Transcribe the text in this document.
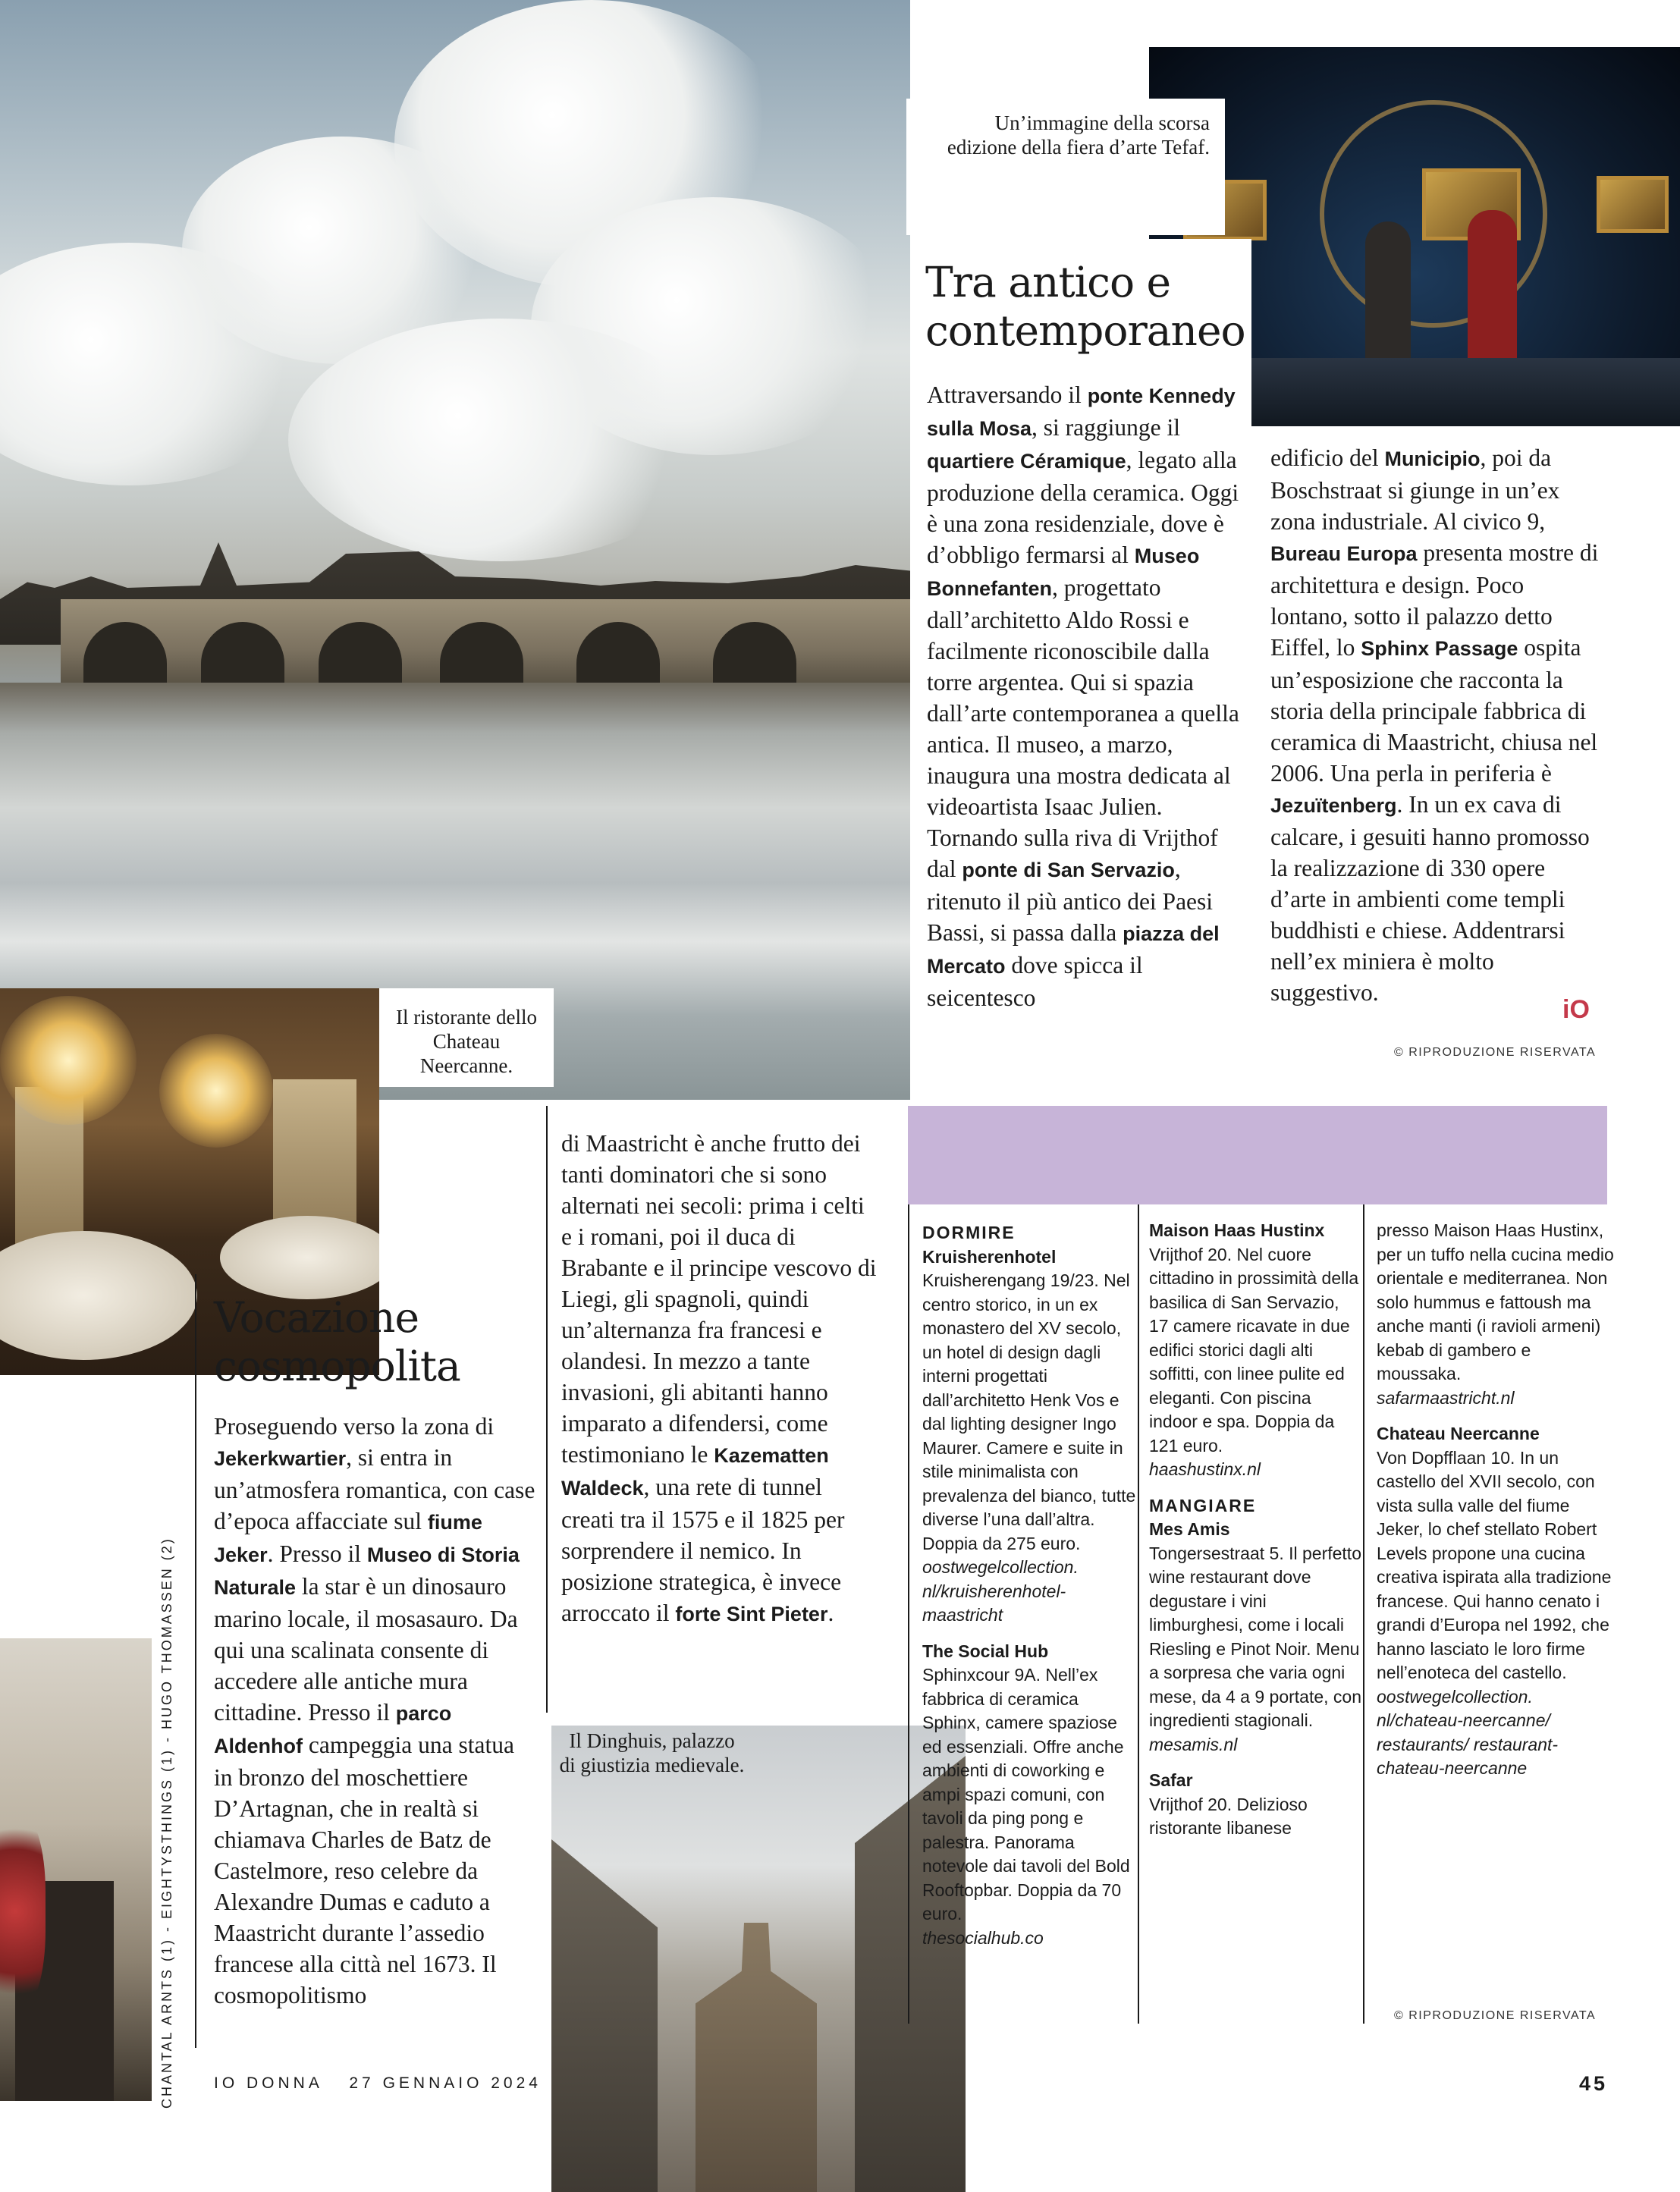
Un’immagine della scorsa edizione della fiera d’arte Tefaf.
Il ristorante dello Chateau Neercanne.
Il Dinghuis, palazzo di giustizia medievale.
Tra antico e contemporaneo
Attraversando il ponte Kennedy sulla Mosa, si raggiunge il quartiere Céramique, legato alla produzione della ceramica. Oggi è una zona residenziale, dove è d’obbligo fermarsi al Museo Bonnefanten, progettato dall’architetto Aldo Rossi e facilmente riconoscibile dalla torre argentea. Qui si spazia dall’arte contemporanea a quella antica. Il museo, a marzo, inaugura una mostra dedicata al videoartista Isaac Julien. Tornando sulla riva di Vrijthof dal ponte di San Servazio, ritenuto il più antico dei Paesi Bassi, si passa dalla piazza del Mercato dove spicca il seicentesco
edificio del Municipio, poi da Boschstraat si giunge in un’ex zona industriale. Al civico 9, Bureau Europa presenta mostre di architettura e design. Poco lontano, sotto il palazzo detto Eiffel, lo Sphinx Passage ospita un’esposizione che racconta la storia della principale fabbrica di ceramica di Maastricht, chiusa nel 2006. Una perla in periferia è Jezuïtenberg. In un ex cava di calcare, i gesuiti hanno promosso la realizzazione di 330 opere d’arte in ambienti come templi buddhisti e chiese. Addentrarsi nell’ex miniera è molto suggestivo.
iO
© RIPRODUZIONE RISERVATA
Vocazione cosmopolita
Proseguendo verso la zona di Jekerkwartier, si entra in un’atmosfera romantica, con case d’epoca affacciate sul fiume Jeker. Presso il Museo di Storia Naturale la star è un dinosauro marino locale, il mosasauro. Da qui una scalinata consente di accedere alle antiche mura cittadine. Presso il parco Aldenhof campeggia una statua in bronzo del moschettiere D’Artagnan, che in realtà si chiamava Charles de Batz de Castelmore, reso celebre da Alexandre Dumas e caduto a Maastricht durante l’assedio francese alla città nel 1673. Il cosmopolitismo
di Maastricht è anche frutto dei tanti dominatori che si sono alternati nei secoli: prima i celti e i romani, poi il duca di Brabante e il principe vescovo di Liegi, gli spagnoli, quindi un’alternanza fra francesi e olandesi. In mezzo a tante invasioni, gli abitanti hanno imparato a difendersi, come testimoniano le Kazematten Waldeck, una rete di tunnel creati tra il 1575 e il 1825 per sorprendere il nemico. In posizione strategica, è invece arroccato il forte Sint Pieter.
DORMIRE
Kruisherenhotel
Kruisherengang 19/23. Nel centro storico, in un ex monastero del XV secolo, un hotel di design dagli interni progettati dall’architetto Henk Vos e dal lighting designer Ingo Maurer. Camere e suite in stile minimalista con prevalenza del bianco, tutte diverse l’una dall’altra. Doppia da 275 euro.
oostwegelcollection. nl/kruisherenhotel-maastricht
The Social Hub
Sphinxcour 9A. Nell’ex fabbrica di ceramica Sphinx, camere spaziose ed essenziali. Offre anche ambienti di coworking e ampi spazi comuni, con tavoli da ping pong e palestra. Panorama notevole dai tavoli del Bold Rooftopbar. Doppia da 70 euro.
thesocialhub.co
Maison Haas Hustinx
Vrijthof 20. Nel cuore cittadino in prossimità della basilica di San Servazio, 17 camere ricavate in due edifici storici dagli alti soffitti, con linee pulite ed eleganti. Con piscina indoor e spa. Doppia da 121 euro.
haashustinx.nl
MANGIARE
Mes Amis
Tongersestraat 5. Il perfetto wine restaurant dove degustare i vini limburghesi, come i locali Riesling e Pinot Noir. Menu a sorpresa che varia ogni mese, da 4 a 9 portate, con ingredienti stagionali.
mesamis.nl
Safar
Vrijthof 20. Delizioso ristorante libanese
presso Maison Haas Hustinx, per un tuffo nella cucina medio orientale e mediterranea. Non solo hummus e fattoush ma anche manti (i ravioli armeni) kebab di gambero e moussaka.
safarmaastricht.nl
Chateau Neercanne
Von Dopfflaan 10. In un castello del XVII secolo, con vista sulla valle del fiume Jeker, lo chef stellato Robert Levels propone una cucina creativa ispirata alla tradizione francese. Qui hanno cenato i grandi d’Europa nel 1992, che hanno lasciato le loro firme nell’enoteca del castello.
oostwegelcollection. nl/chateau-neercanne/ restaurants/ restaurant-chateau-neercanne
© RIPRODUZIONE RISERVATA
CHANTAL ARNTS (1) - EIGHTYSTHINGS (1) - HUGO THOMASSEN (2)	IO DONNA 27 GENNAIO 2024	45
